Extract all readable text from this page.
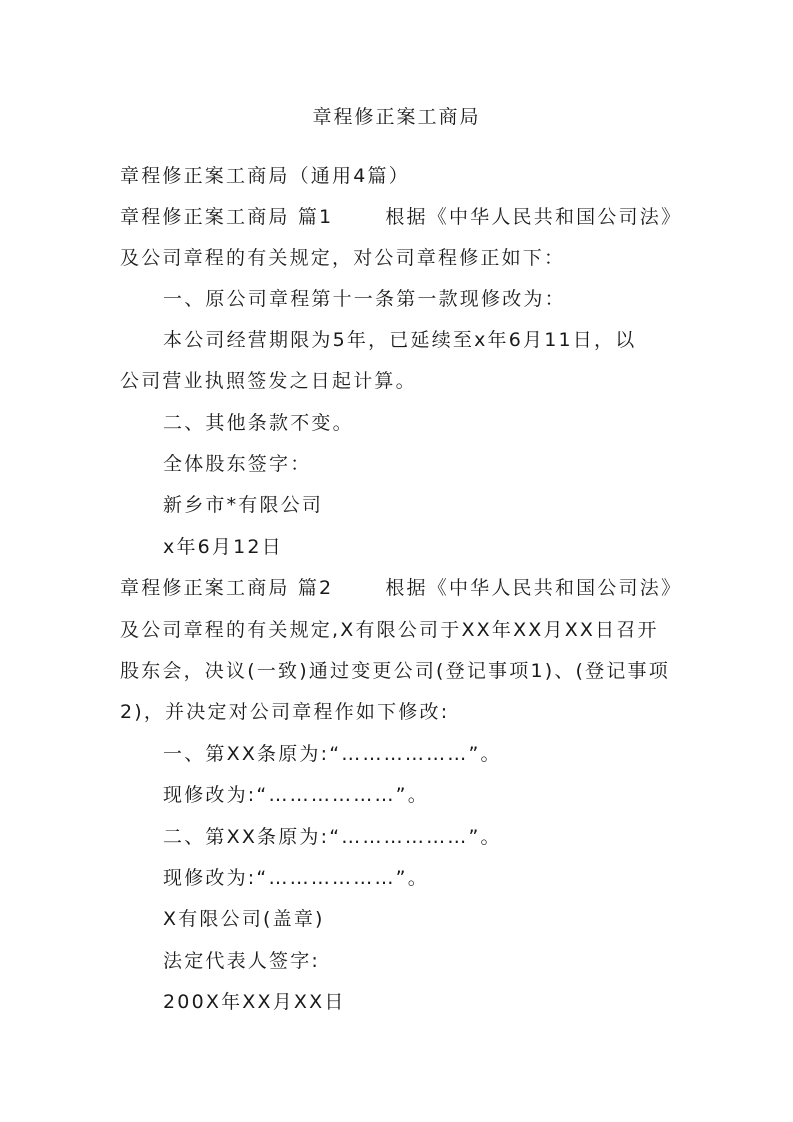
章程修正案工商局
章程修正案工商局（通用4篇）
章程修正案工商局 篇1	根据《中华人民共和国公司法》
及公司章程的有关规定，对公司章程修正如下：
一、原公司章程第十一条第一款现修改为：
本公司经营期限为5年，已延续至x年6月11日，以
公司营业执照签发之日起计算。
二、其他条款不变。
全体股东签字：
新乡市*有限公司
x年6月12日
章程修正案工商局 篇2	根据《中华人民共和国公司法》
及公司章程的有关规定,X有限公司于XX年XX月XX日召开
股东会，决议(一致)通过变更公司(登记事项1)、(登记事项
2)，并决定对公司章程作如下修改:
一、第XX条原为:“………………”。
现修改为:“………………”。
二、第XX条原为:“………………”。
现修改为:“………………”。
X有限公司(盖章)
法定代表人签字:
200X年XX月XX日
